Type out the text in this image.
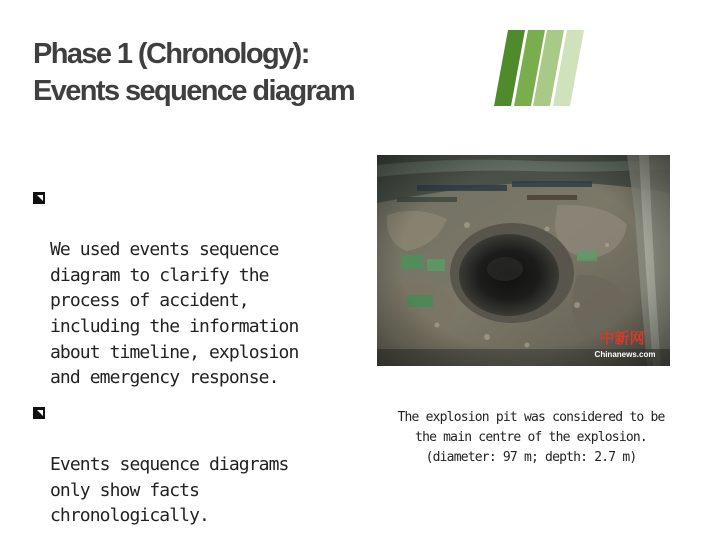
Phase 1 (Chronology):
Events sequence diagram

We used events sequence
diagram to clarify the
process of accident,
including the information
about timeline, explosion
and emergency response.

Events sequence diagrams
only show facts
chronologically.

中新网
Chinanews.com

The explosion pit was considered to be
the main centre of the explosion.
(diameter: 97 m; depth: 2.7 m)
